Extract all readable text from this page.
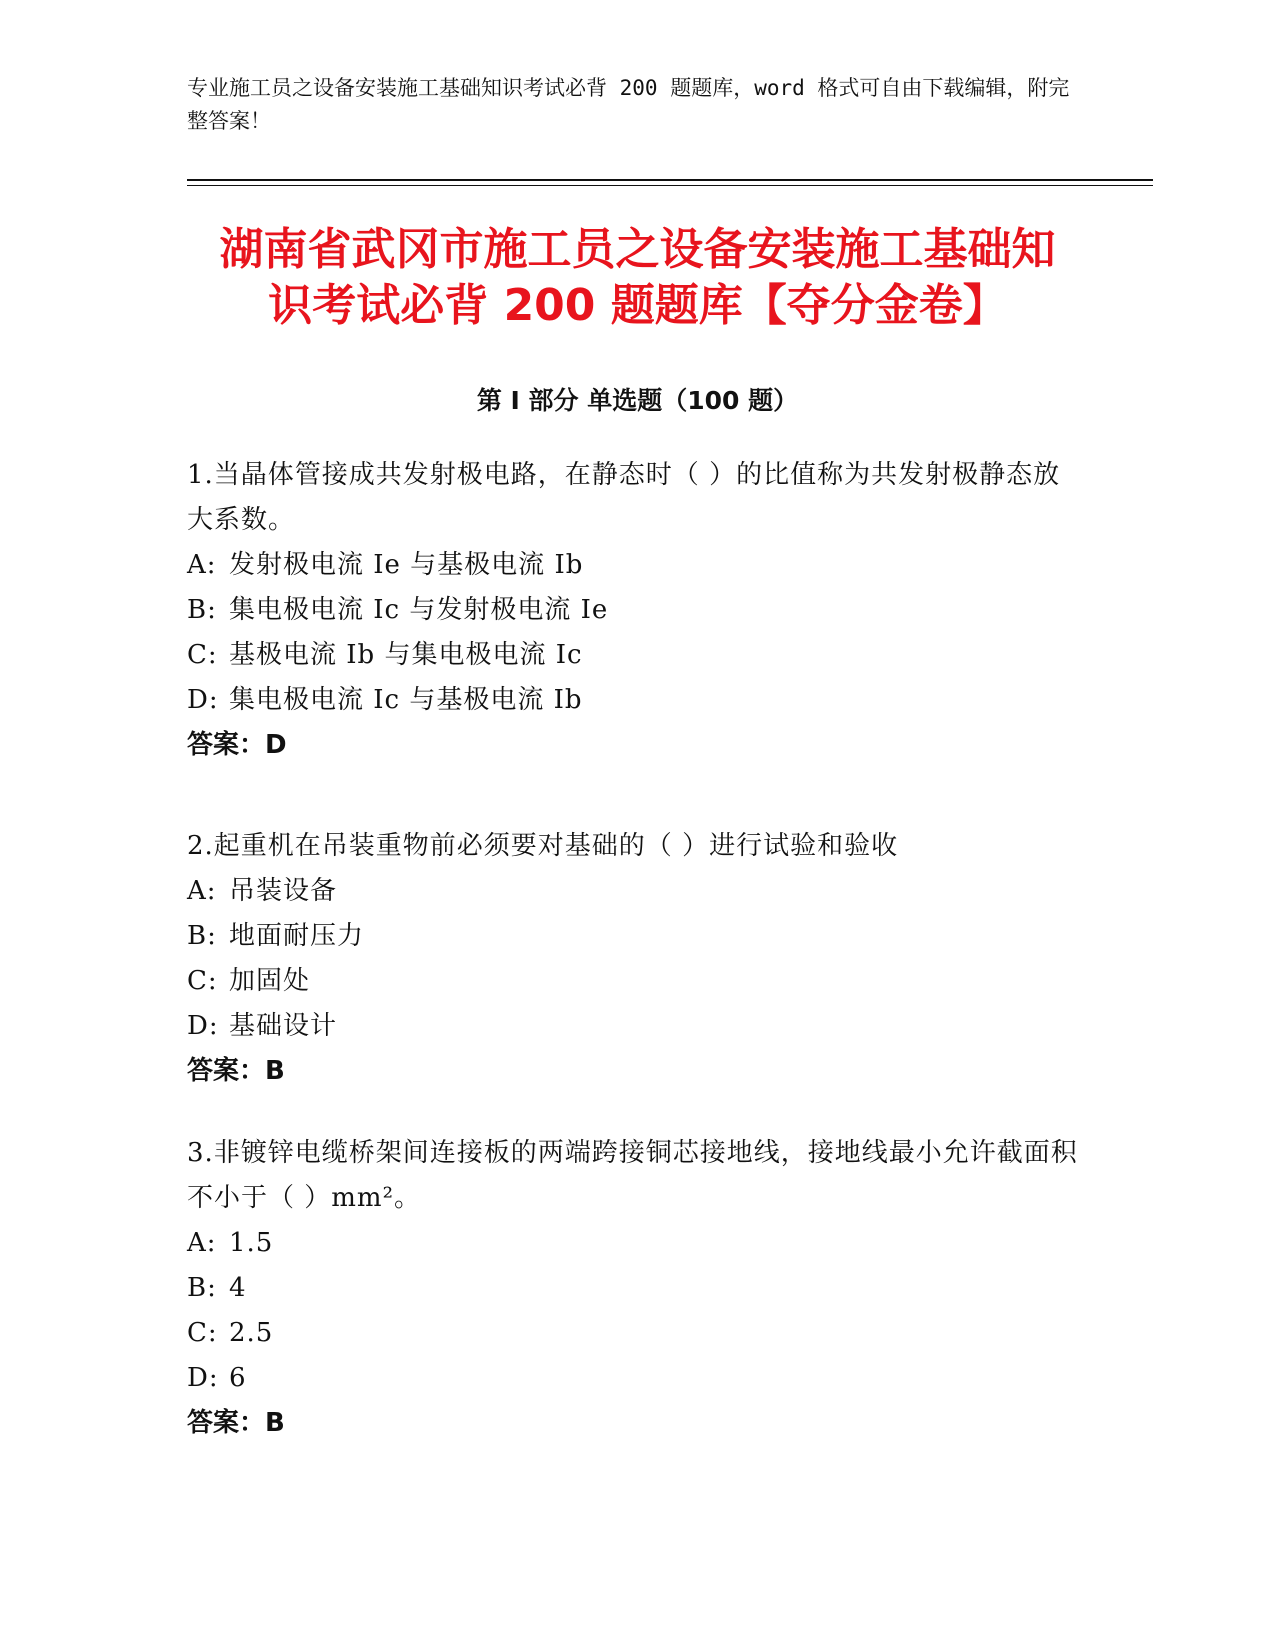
专业施工员之设备安装施工基础知识考试必背 200 题题库，word 格式可自由下载编辑，附完整答案！
湖南省武冈市施工员之设备安装施工基础知
识考试必背 200 题题库【夺分金卷】
第 I 部分 单选题（100 题）
1.当晶体管接成共发射极电路，在静态时（ ）的比值称为共发射极静态放大系数。
A: 发射极电流 Ie 与基极电流 Ib
B: 集电极电流 Ic 与发射极电流 Ie
C: 基极电流 Ib 与集电极电流 Ic
D: 集电极电流 Ic 与基极电流 Ib
答案：D
2.起重机在吊装重物前必须要对基础的（ ）进行试验和验收
A: 吊装设备
B: 地面耐压力
C: 加固处
D: 基础设计
答案：B
3.非镀锌电缆桥架间连接板的两端跨接铜芯接地线，接地线最小允许截面积不小于（ ）mm²。
A: 1.5
B: 4
C: 2.5
D: 6
答案：B
